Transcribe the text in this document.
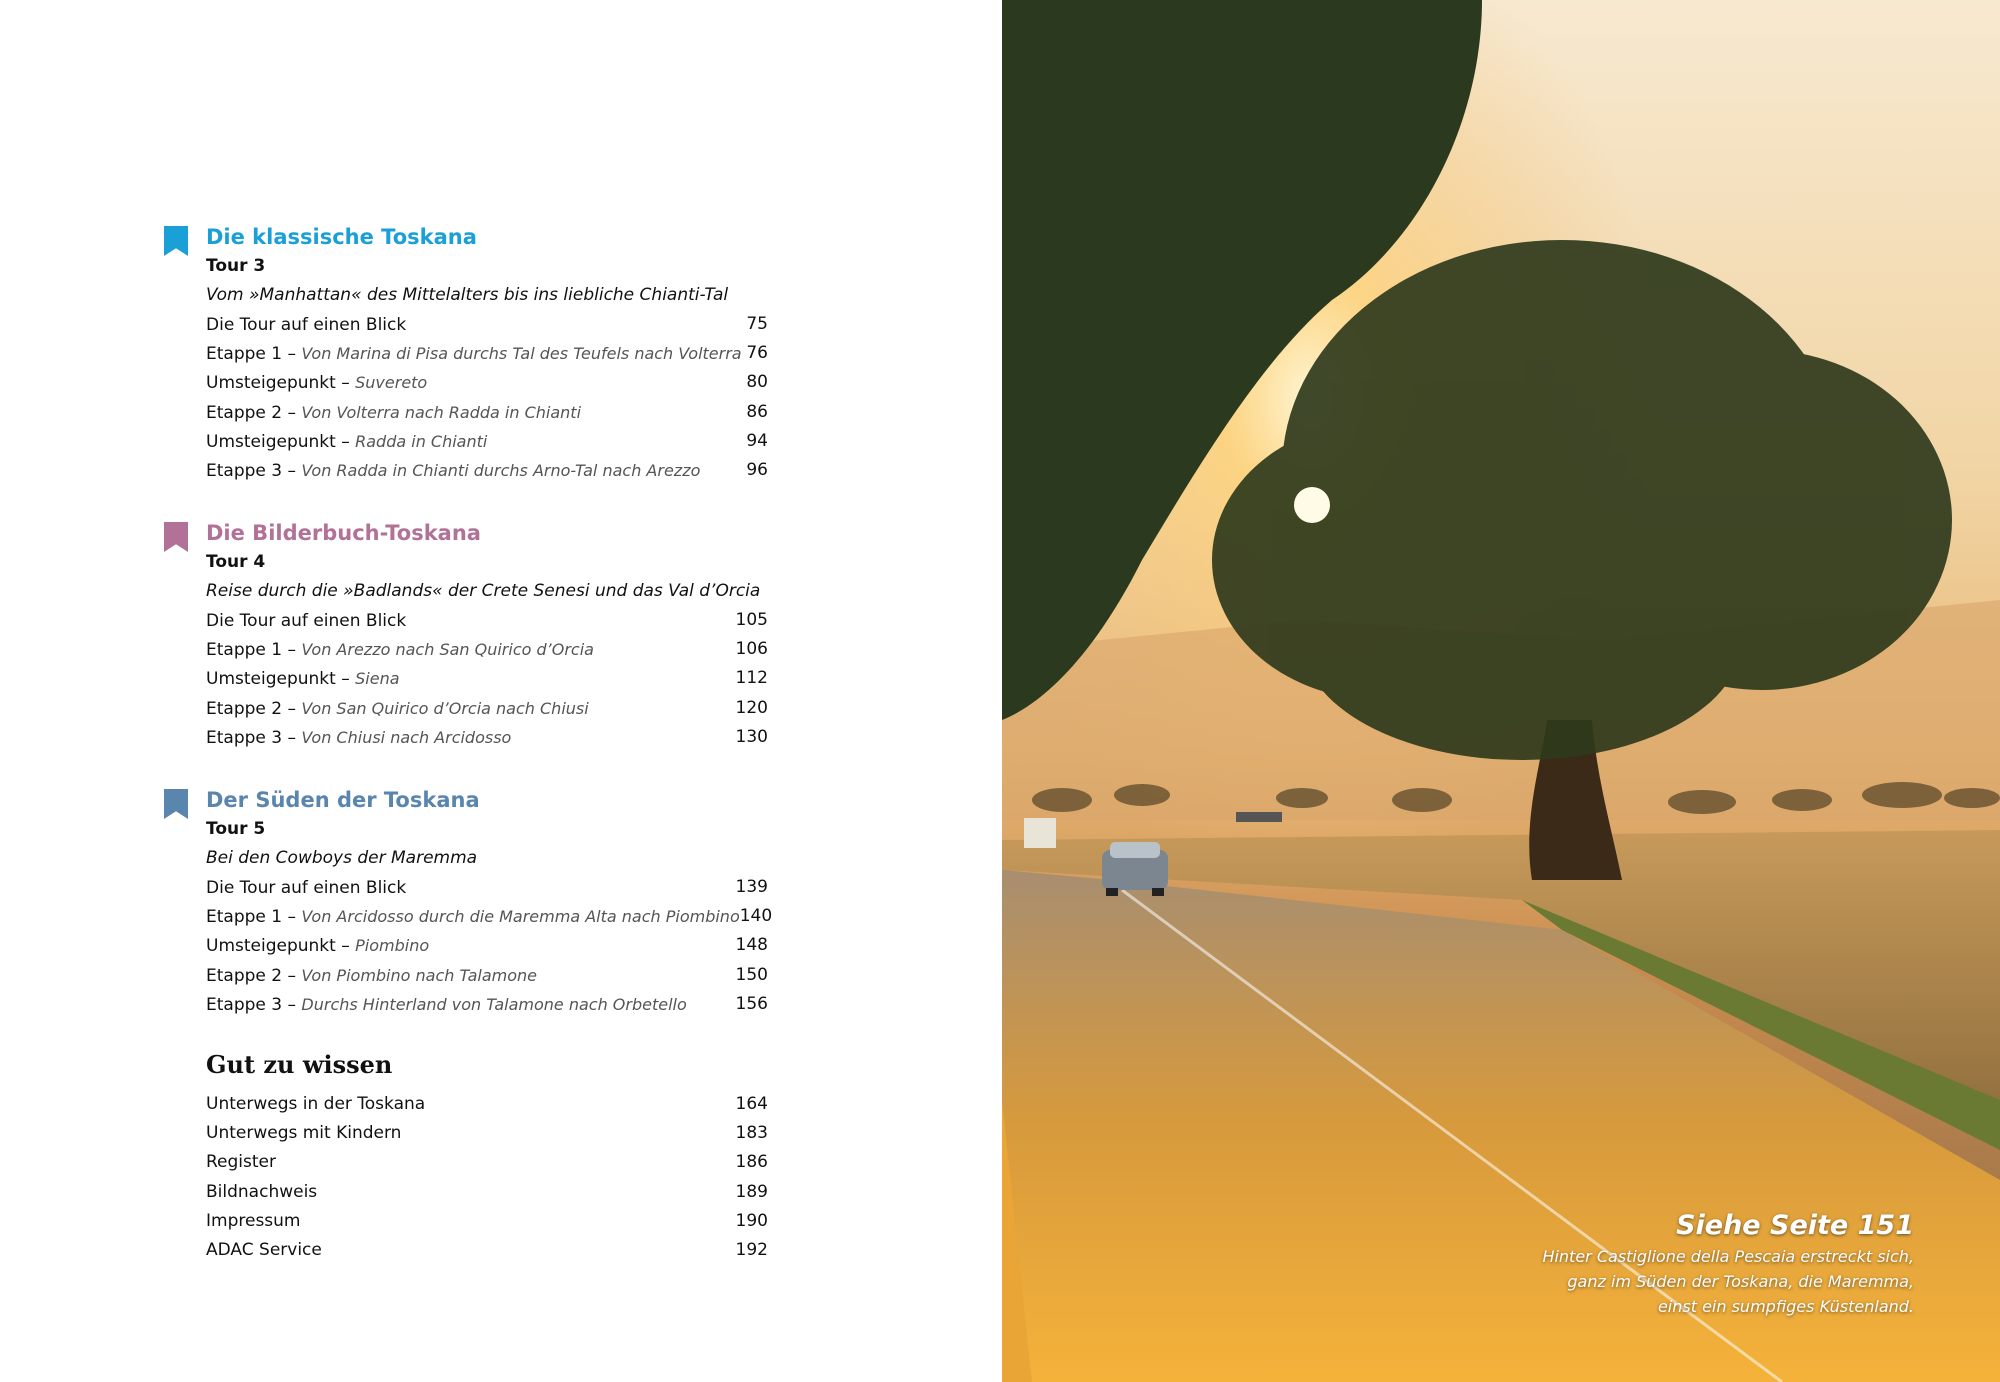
Die klassische Toskana
Tour 3
Vom »Manhattan« des Mittelalters bis ins liebliche Chianti-Tal
Die Tour auf einen Blick	75
Etappe 1 – Von Marina di Pisa durchs Tal des Teufels nach Volterra 76
Umsteigepunkt – Suvereto	80
Etappe 2 – Von Volterra nach Radda in Chianti	86
Umsteigepunkt – Radda in Chianti	94
Etappe 3 – Von Radda in Chianti durchs Arno-Tal nach Arezzo	96
Die Bilderbuch-Toskana
Tour 4
Reise durch die »Badlands« der Crete Senesi und das Val d’Orcia
Die Tour auf einen Blick	105
Etappe 1 – Von Arezzo nach San Quirico d’Orcia	106
Umsteigepunkt – Siena	112
Etappe 2 – Von San Quirico d’Orcia nach Chiusi	120
Etappe 3 – Von Chiusi nach Arcidosso	130
Der Süden der Toskana
Tour 5
Bei den Cowboys der Maremma
Die Tour auf einen Blick	139
Etappe 1 – Von Arcidosso durch die Maremma Alta nach Piombino 140
Umsteigepunkt – Piombino	148
Etappe 2 – Von Piombino nach Talamone	150
Etappe 3 – Durchs Hinterland von Talamone nach Orbetello	156
Gut zu wissen
Unterwegs in der Toskana	164
Unterwegs mit Kindern	183
Register	186
Bildnachweis	189
Impressum	190
ADAC Service	192
Siehe Seite 151
Hinter Castiglione della Pescaia erstreckt sich,
ganz im Süden der Toskana, die Maremma,
einst ein sumpfiges Küstenland.
